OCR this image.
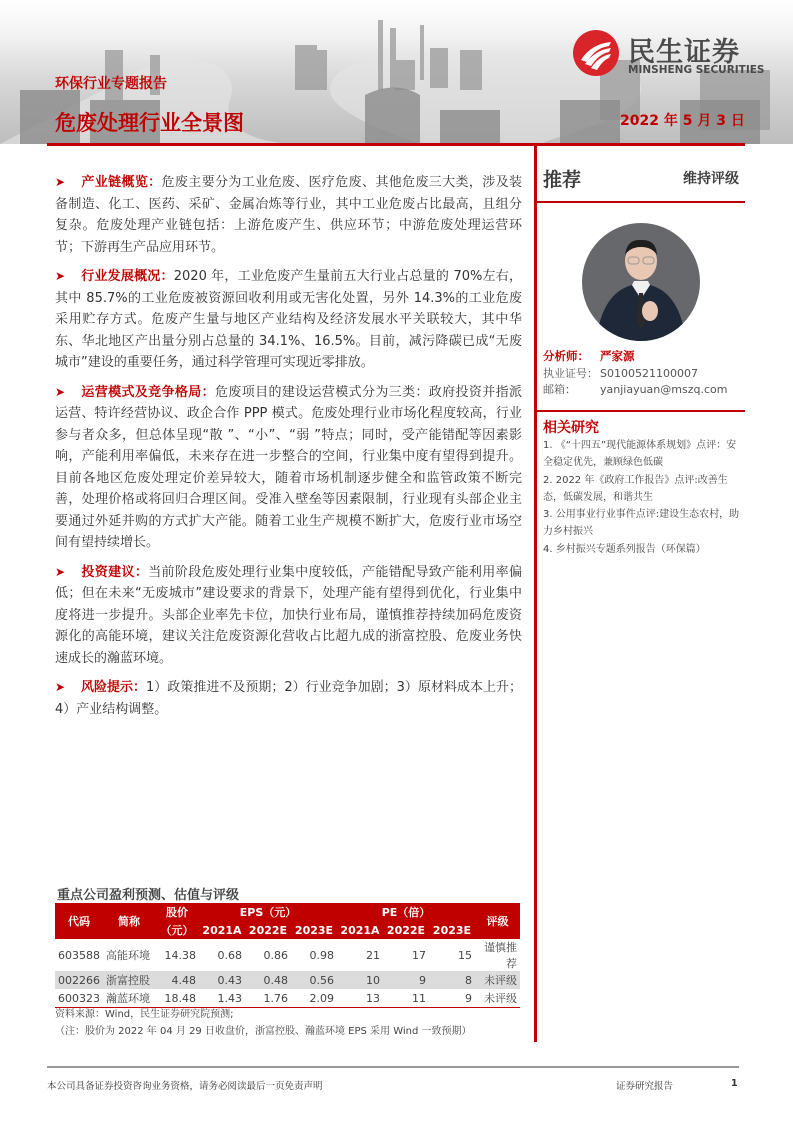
环保行业专题报告
危废处理行业全景图
民生证券
MINSHENG SECURITIES
2022 年 5 月 3 日

➤ 产业链概览：危废主要分为工业危废、医疗危废、其他危废三大类，涉及装备制造、化工、医药、采矿、金属冶炼等行业，其中工业危废占比最高，且组分复杂。危废处理产业链包括：上游危废产生、供应环节；中游危废处理运营环节；下游再生产品应用环节。

➤ 行业发展概况：2020 年，工业危废产生量前五大行业占总量的 70%左右，其中 85.7%的工业危废被资源回收利用或无害化处置，另外 14.3%的工业危废采用贮存方式。危废产生量与地区产业结构及经济发展水平关联较大，其中华东、华北地区产出量分别占总量的 34.1%、16.5%。目前，减污降碳已成“无废城市”建设的重要任务，通过科学管理可实现近零排放。

➤ 运营模式及竞争格局：危废项目的建设运营模式分为三类：政府投资并指派运营、特许经营协议、政企合作 PPP 模式。危废处理行业市场化程度较高，行业参与者众多，但总体呈现“散 ”、“小”、“弱 ”特点；同时，受产能错配等因素影响，产能利用率偏低，未来存在进一步整合的空间，行业集中度有望得到提升。目前各地区危废处理定价差异较大，随着市场机制逐步健全和监管政策不断完善，处理价格或将回归合理区间。受准入壁垒等因素限制，行业现有头部企业主要通过外延并购的方式扩大产能。随着工业生产规模不断扩大，危废行业市场空间有望持续增长。

➤ 投资建议：当前阶段危废处理行业集中度较低，产能错配导致产能利用率偏低；但在未来“无废城市”建设要求的背景下，处理产能有望得到优化，行业集中度将进一步提升。头部企业率先卡位，加快行业布局，谨慎推荐持续加码危废资源化的高能环境，建议关注危废资源化营收占比超九成的浙富控股、危废业务快速成长的瀚蓝环境。

➤ 风险提示：1）政策推进不及预期；2）行业竞争加剧；3）原材料成本上升；4）产业结构调整。

推荐	维持评级
分析师： 严家源
执业证号： S0100521100007
邮箱： yanjiayuan@mszq.com
相关研究
1. 《“十四五”现代能源体系规划》点评：安全稳定优先，兼顾绿色低碳
2. 2022 年《政府工作报告》点评:改善生态，低碳发展，和谐共生
3. 公用事业行业事件点评:建设生态农村，助力乡村振兴
4. 乡村振兴专题系列报告（环保篇）
重点公司盈利预测、估值与评级
代码	简称	股价	EPS（元）			PE（倍）			评级
		（元）	2021A	2022E	2023E	2021A	2022E	2023E	
603588	高能环境	14.38	0.68	0.86	0.98	21	17	15	谨慎推荐
002266	浙富控股	4.48	0.43	0.48	0.56	10	9	8	未评级
600323	瀚蓝环境	18.48	1.43	1.76	2.09	13	11	9	未评级
资料来源：Wind，民生证券研究院预测;
（注：股价为 2022 年 04 月 29 日收盘价，浙富控股、瀚蓝环境 EPS 采用 Wind 一致预期）
本公司具备证券投资咨询业务资格，请务必阅读最后一页免责声明	证券研究报告	1
